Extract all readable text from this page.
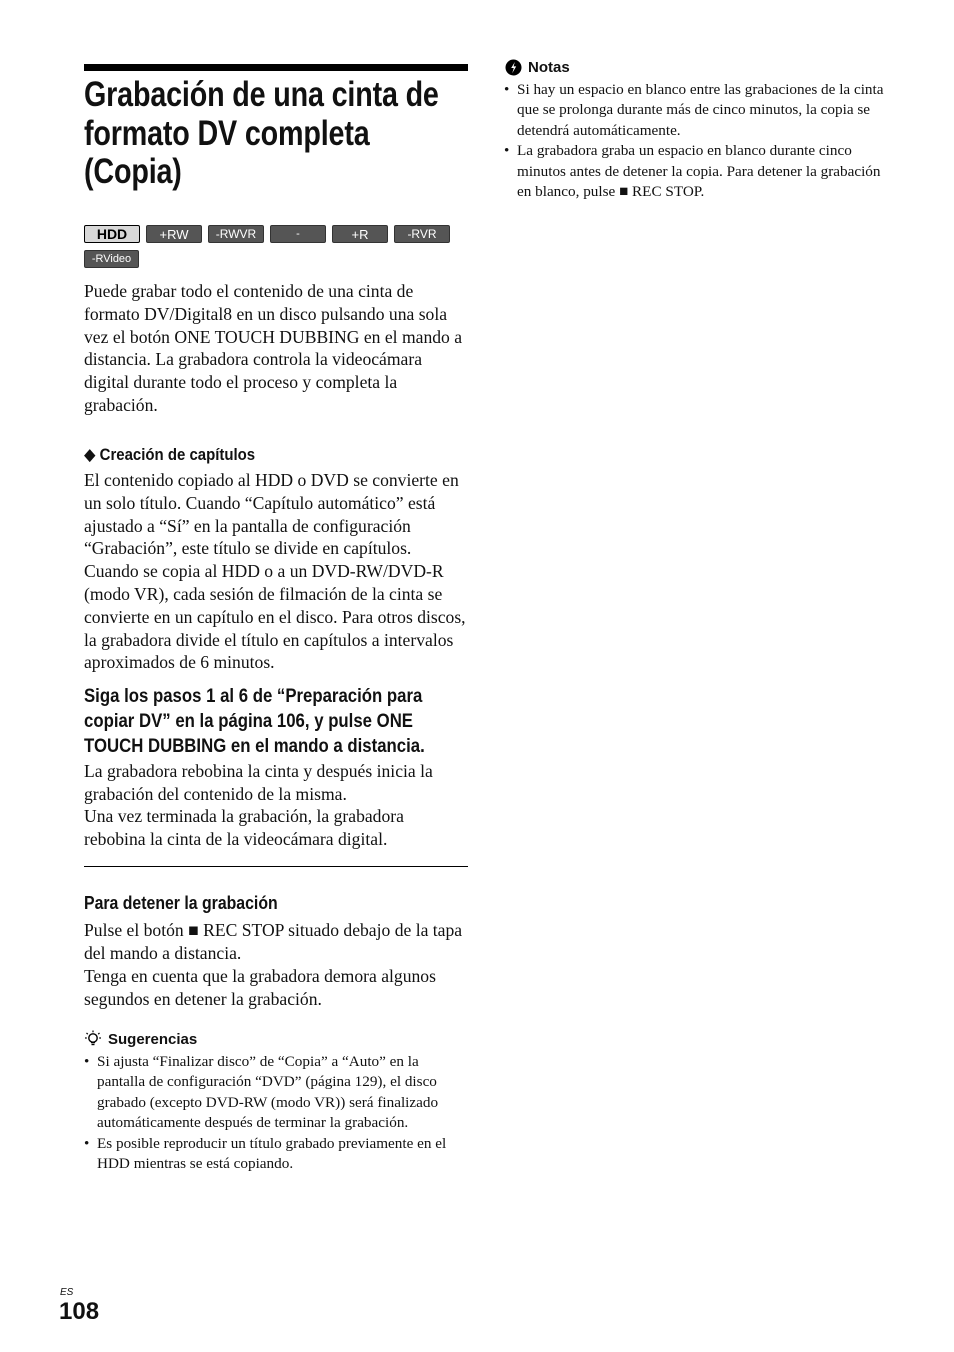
Grabación de una cinta de formato DV completa (Copia)
HDD +RW -RWVR	-RWVideo+R	-RVR
-RVideo

Puede grabar todo el contenido de una cinta de formato DV/Digital8 en un disco pulsando una sola vez el botón ONE TOUCH DUBBING en el mando a distancia. La grabadora controla la videocámara digital durante todo el proceso y completa la grabación.

◆ Creación de capítulos

El contenido copiado al HDD o DVD se convierte en un solo título. Cuando “Capítulo automático” está ajustado a “Sí” en la pantalla de configuración “Grabación”, este título se divide en capítulos. Cuando se copia al HDD o a un DVD-RW/DVD-R (modo VR), cada sesión de filmación de la cinta se convierte en un capítulo en el disco. Para otros discos, la grabadora divide el título en capítulos a intervalos aproximados de 6 minutos.

Siga los pasos 1 al 6 de “Preparación para copiar DV” en la página 106, y pulse ONE TOUCH DUBBING en el mando a distancia.

La grabadora rebobina la cinta y después inicia la grabación del contenido de la misma.

Una vez terminada la grabación, la grabadora rebobina la cinta de la videocámara digital.

Para detener la grabación

Pulse el botón ■ REC STOP situado debajo de la tapa del mando a distancia.

Tenga en cuenta que la grabadora demora algunos segundos en detener la grabación.

Sugerencias
• Si ajusta “Finalizar disco” de “Copia” a “Auto” en la pantalla de configuración “DVD” (página 129), el disco grabado (excepto DVD-RW (modo VR)) será finalizado automáticamente después de terminar la grabación.
• Es posible reproducir un título grabado previamente en el HDD mientras se está copiando.
Notas
• Si hay un espacio en blanco entre las grabaciones de la cinta que se prolonga durante más de cinco minutos, la copia se detendrá automáticamente.
• La grabadora graba un espacio en blanco durante cinco minutos antes de detener la copia. Para detener la grabación en blanco, pulse ■ REC STOP.
ES
108
